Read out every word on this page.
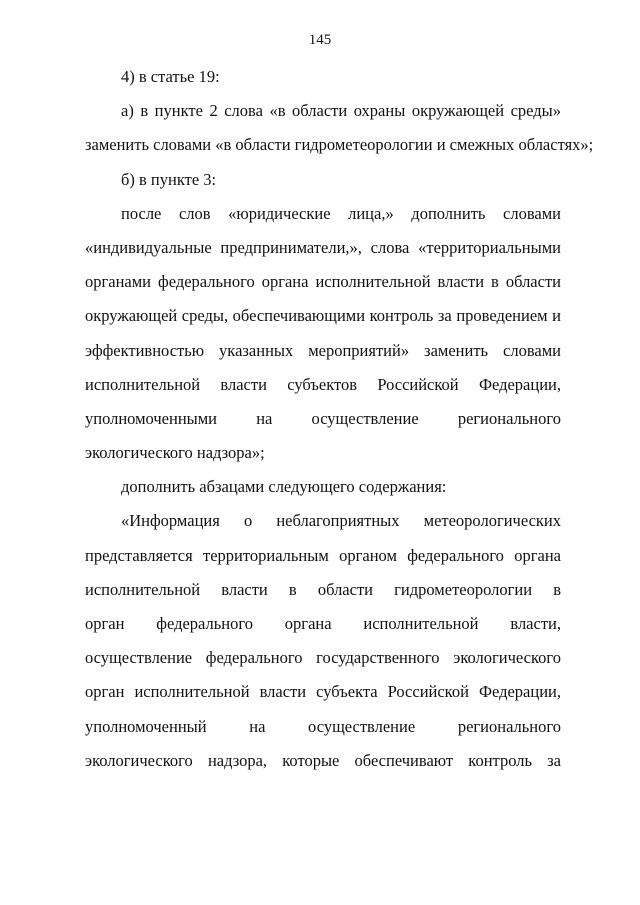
145
4) в статье 19:
а) в пункте 2 слова «в области охраны окружающей среды»
заменить словами «в области гидрометеорологии и смежных областях»;
б) в пункте 3:
после слов «юридические лица,» дополнить словами
«индивидуальные предприниматели,», слова «территориальными
органами федерального органа исполнительной власти в области
окружающей среды, обеспечивающими контроль за проведением и
эффективностью указанных мероприятий» заменить словами
исполнительной власти субъектов Российской Федерации,
уполномоченными на осуществление регионального
экологического надзора»;
дополнить абзацами следующего содержания:
«Информация о неблагоприятных метеорологических
представляется территориальным органом федерального органа
исполнительной власти в области гидрометеорологии в
орган федерального органа исполнительной власти,
осуществление федерального государственного экологического
орган исполнительной власти субъекта Российской Федерации,
уполномоченный на осуществление регионального
экологического надзора, которые обеспечивают контроль за
